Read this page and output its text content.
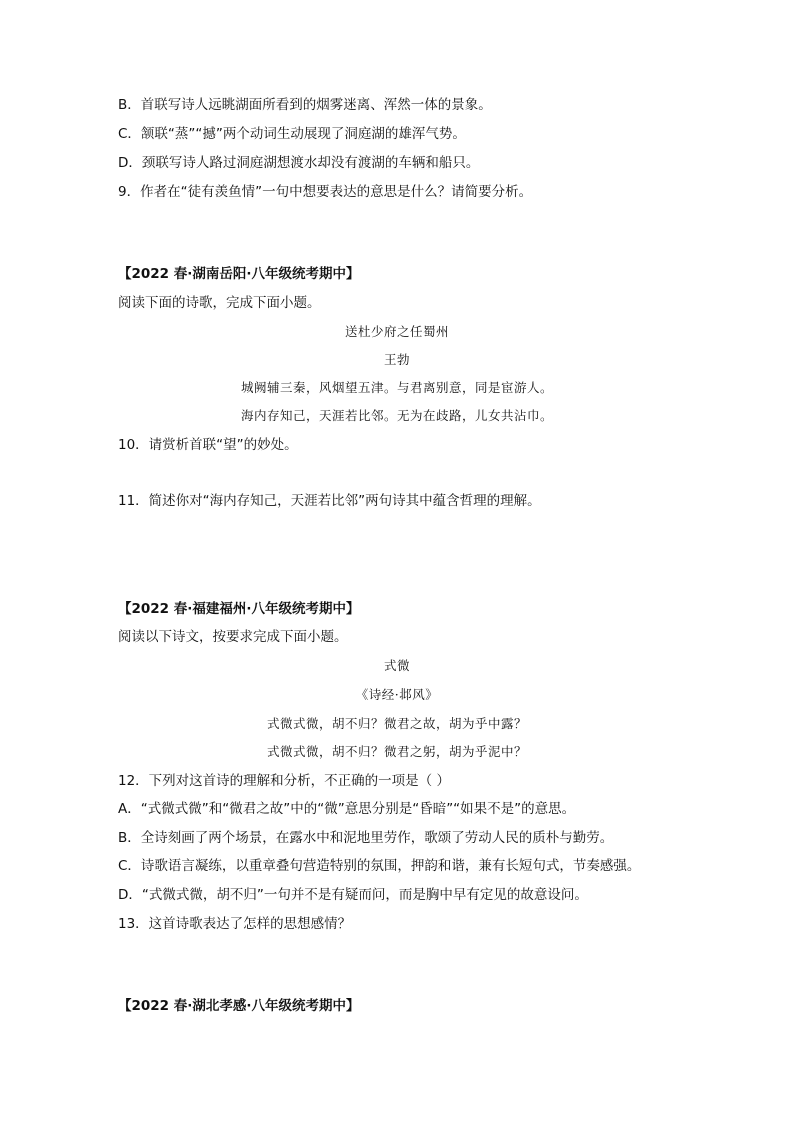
B．首联写诗人远眺湖面所看到的烟雾迷离、浑然一体的景象。
C．颔联“蒸”“撼”两个动词生动展现了洞庭湖的雄浑气势。
D．颈联写诗人路过洞庭湖想渡水却没有渡湖的车辆和船只。
9．作者在“徒有羡鱼情”一句中想要表达的意思是什么？请简要分析。
【2022 春·湖南岳阳·八年级统考期中】
阅读下面的诗歌，完成下面小题。
送杜少府之任蜀州
王勃
城阙辅三秦，风烟望五津。与君离别意，同是宦游人。
海内存知己，天涯若比邻。无为在歧路，儿女共沾巾。
10．请赏析首联“望”的妙处。
11．简述你对“海内存知己，天涯若比邻”两句诗其中蕴含哲理的理解。
【2022 春·福建福州·八年级统考期中】
阅读以下诗文，按要求完成下面小题。
式微
《诗经·邶风》
式微式微，胡不归？微君之故，胡为乎中露？
式微式微，胡不归？微君之躬，胡为乎泥中？
12．下列对这首诗的理解和分析，不正确的一项是（ ）
A．“式微式微”和“微君之故”中的“微”意思分别是“昏暗”“如果不是”的意思。
B．全诗刻画了两个场景，在露水中和泥地里劳作，歌颂了劳动人民的质朴与勤劳。
C．诗歌语言凝练，以重章叠句营造特别的氛围，押韵和谐，兼有长短句式，节奏感强。
D．“式微式微，胡不归”一句并不是有疑而问，而是胸中早有定见的故意设问。
13．这首诗歌表达了怎样的思想感情？
【2022 春·湖北孝感·八年级统考期中】
